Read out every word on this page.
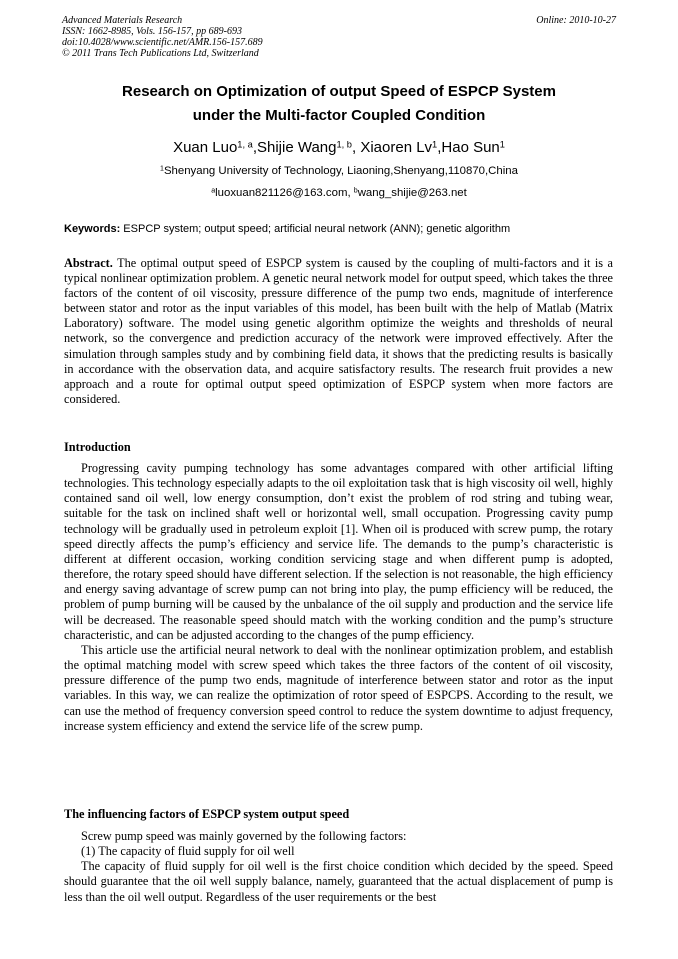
Advanced Materials Research
ISSN: 1662-8985, Vols. 156-157, pp 689-693
doi:10.4028/www.scientific.net/AMR.156-157.689
© 2011 Trans Tech Publications Ltd, Switzerland
Online: 2010-10-27
Research on Optimization of output Speed of ESPCP System
under the Multi-factor Coupled Condition
Xuan Luo$^{1, a}$,Shijie Wang$^{1, b}$, Xiaoren Lv$^1$,Hao Sun$^1$
$^1$Shenyang University of Technology, Liaoning,Shenyang,110870,China
$^a$luoxuan821126@163.com, $^b$wang_shijie@263.net
Keywords: ESPCP system; output speed; artificial neural network (ANN); genetic algorithm
Abstract. The optimal output speed of ESPCP system is caused by the coupling of multi-factors and it is a typical nonlinear optimization problem. A genetic neural network model for output speed, which takes the three factors of the content of oil viscosity, pressure difference of the pump two ends, magnitude of interference between stator and rotor as the input variables of this model, has been built with the help of Matlab (Matrix Laboratory) software. The model using genetic algorithm optimize the weights and thresholds of neural network, so the convergence and prediction accuracy of the network were improved effectively. After the simulation through samples study and by combining field data, it shows that the predicting results is basically in accordance with the observation data, and acquire satisfactory results. The research fruit provides a new approach and a route for optimal output speed optimization of ESPCP system when more factors are considered.
Introduction

Progressing cavity pumping technology has some advantages compared with other artificial lifting technologies. This technology especially adapts to the oil exploitation task that is high viscosity oil well, highly contained sand oil well, low energy consumption, don’t exist the problem of rod string and tubing wear, suitable for the task on inclined shaft well or horizontal well, small occupation. Progressing cavity pump technology will be gradually used in petroleum exploit [1]. When oil is produced with screw pump, the rotary speed directly affects the pump’s efficiency and service life. The demands to the pump’s characteristic is different at different occasion, working condition servicing stage and when different pump is adopted, therefore, the rotary speed should have different selection. If the selection is not reasonable, the high efficiency and energy saving advantage of screw pump can not bring into play, the pump efficiency will be reduced, the problem of pump burning will be caused by the unbalance of the oil supply and production and the service life will be decreased. The reasonable speed should match with the working condition and the pump’s structure characteristic, and can be adjusted according to the changes of the pump efficiency.

This article use the artificial neural network to deal with the nonlinear optimization problem, and establish the optimal matching model with screw speed which takes the three factors of the content of oil viscosity, pressure difference of the pump two ends, magnitude of interference between stator and rotor as the input variables. In this way, we can realize the optimization of rotor speed of ESPCPS. According to the result, we can use the method of frequency conversion speed control to reduce the system downtime to adjust frequency, increase system efficiency and extend the service life of the screw pump.

The influencing factors of ESPCP system output speed

Screw pump speed was mainly governed by the following factors:

(1) The capacity of fluid supply for oil well

The capacity of fluid supply for oil well is the first choice condition which decided by the speed. Speed should guarantee that the oil well supply balance, namely, guaranteed that the actual displacement of pump is less than the oil well output. Regardless of the user requirements or the best
